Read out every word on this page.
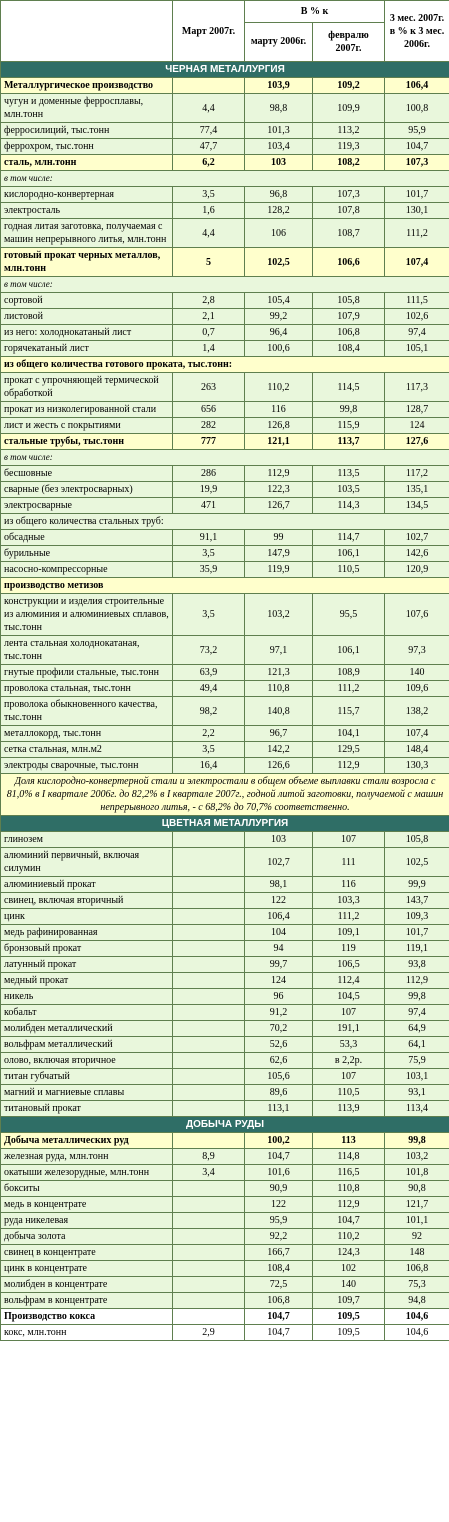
	Март 2007г.	В % к		3 мес. 2007г. в % к 3 мес. 2006г.
		марту 2006г.	февралю 2007г.	
ЧЕРНАЯ МЕТАЛЛУРГИЯ				
Металлургическое производство		103,9	109,2	106,4
чугун и доменные ферросплавы, млн.тонн	4,4	98,8	109,9	100,8
ферросилиций, тыс.тонн	77,4	101,3	113,2	95,9
феррохром, тыс.тонн	47,7	103,4	119,3	104,7
сталь, млн.тонн	6,2	103	108,2	107,3
в том числе:				
кислородно-конвертерная	3,5	96,8	107,3	101,7
электросталь	1,6	128,2	107,8	130,1
годная литая заготовка, получаемая с машин непрерывного литья, млн.тонн	4,4	106	108,7	111,2
готовый прокат черных металлов, млн.тонн	5	102,5	106,6	107,4
в том числе:				
сортовой	2,8	105,4	105,8	111,5
листовой	2,1	99,2	107,9	102,6
из него: холоднокатаный лист	0,7	96,4	106,8	97,4
горячекатаный лист	1,4	100,6	108,4	105,1
из общего количества готового проката, тыс.тонн:				
прокат с упрочняющей термической обработкой	263	110,2	114,5	117,3
прокат из низколегированной стали	656	116	99,8	128,7
лист и жесть с покрытиями	282	126,8	115,9	124
стальные трубы, тыс.тонн	777	121,1	113,7	127,6
в том числе:				
бесшовные	286	112,9	113,5	117,2
сварные (без электросварных)	19,9	122,3	103,5	135,1
электросварные	471	126,7	114,3	134,5
из общего количества стальных труб:				
обсадные	91,1	99	114,7	102,7
бурильные	3,5	147,9	106,1	142,6
насосно-компрессорные	35,9	119,9	110,5	120,9
производство метизов				
конструкции и изделия строительные из алюминия и алюминиевых сплавов, тыс.тонн	3,5	103,2	95,5	107,6
лента стальная холоднокатаная, тыс.тонн	73,2	97,1	106,1	97,3
гнутые профили стальные, тыс.тонн	63,9	121,3	108,9	140
проволока стальная, тыс.тонн	49,4	110,8	111,2	109,6
проволока обыкновенного качества, тыс.тонн	98,2	140,8	115,7	138,2
металлокорд, тыс.тонн	2,2	96,7	104,1	107,4
сетка стальная, млн.м2	3,5	142,2	129,5	148,4
электроды сварочные, тыс.тонн	16,4	126,6	112,9	130,3
Доля кислородно-конвертерной стали и электростали в общем объеме выплавки стали возросла с 81,0% в I квартале 2006г. до 82,2% в I квартале 2007г., годной литой заготовки, получаемой с машин непрерывного литья, - с 68,2% до 70,7% соответственно.				
ЦВЕТНАЯ МЕТАЛЛУРГИЯ				
глинозем		103	107	105,8
алюминий первичный, включая силумин		102,7	111	102,5
алюминиевый прокат		98,1	116	99,9
свинец, включая вторичный		122	103,3	143,7
цинк		106,4	111,2	109,3
медь рафинированная		104	109,1	101,7
бронзовый прокат		94	119	119,1
латунный прокат		99,7	106,5	93,8
медный прокат		124	112,4	112,9
никель		96	104,5	99,8
кобальт		91,2	107	97,4
молибден металлический		70,2	191,1	64,9
вольфрам металлический		52,6	53,3	64,1
олово, включая вторичное		62,6	в 2,2р.	75,9
титан губчатый		105,6	107	103,1
магний и магниевые сплавы		89,6	110,5	93,1
титановый прокат		113,1	113,9	113,4
ДОБЫЧА РУДЫ				
Добыча металлических руд		100,2	113	99,8
железная руда, млн.тонн	8,9	104,7	114,8	103,2
окатыши железорудные, млн.тонн	3,4	101,6	116,5	101,8
бокситы		90,9	110,8	90,8
медь в концентрате		122	112,9	121,7
руда никелевая		95,9	104,7	101,1
добыча золота		92,2	110,2	92
свинец в концентрате		166,7	124,3	148
цинк в концентрате		108,4	102	106,8
молибден в концентрате		72,5	140	75,3
вольфрам в концентрате		106,8	109,7	94,8
Производство кокса		104,7	109,5	104,6
кокс, млн.тонн	2,9	104,7	109,5	104,6
